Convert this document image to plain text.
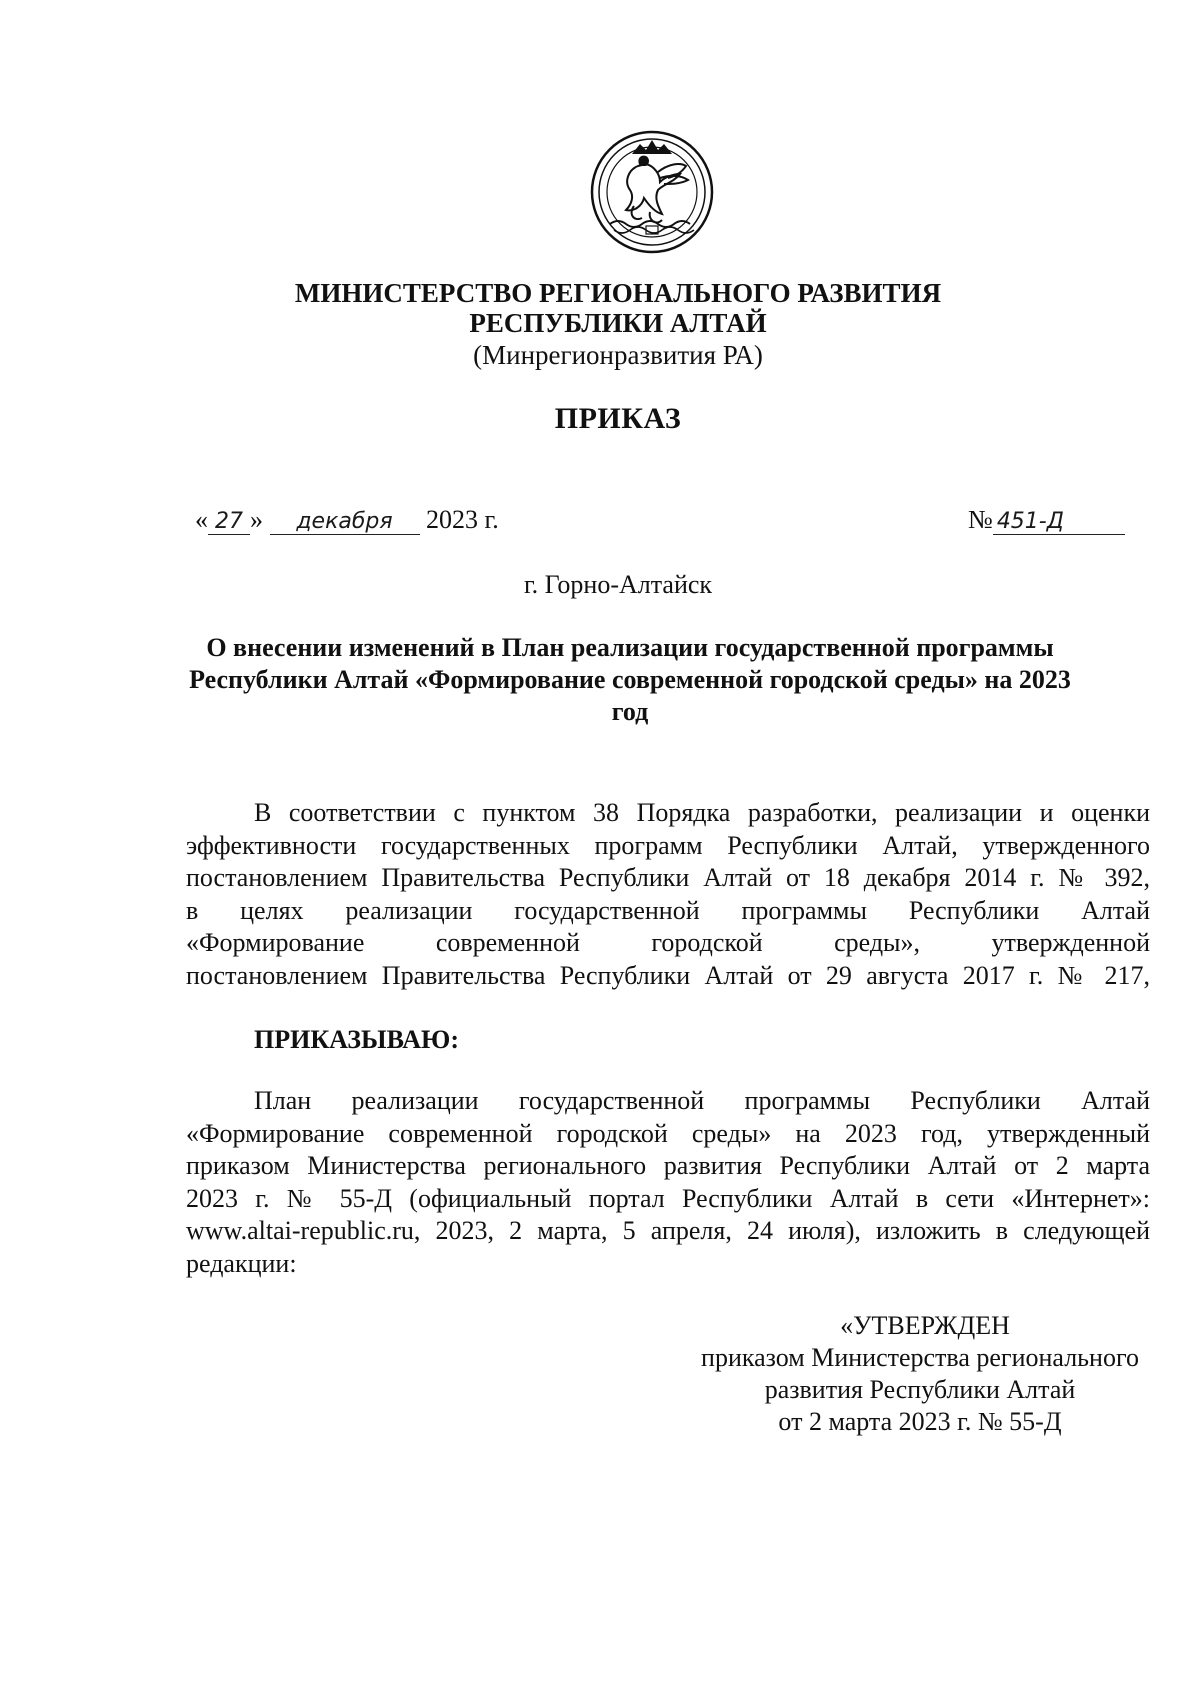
МИНИСТЕРСТВО РЕГИОНАЛЬНОГО РАЗВИТИЯ
РЕСПУБЛИКИ АЛТАЙ
(Минрегионразвития РА)
ПРИКАЗ
« 27 » декабря 2023 г.	№ 451-Д
г. Горно-Алтайск
О внесении изменений в План реализации государственной программы
Республики Алтай «Формирование современной городской среды» на 2023
год
В соответствии с пунктом 38 Порядка разработки, реализации и оценки
эффективности государственных программ Республики Алтай, утвержденного
постановлением Правительства Республики Алтай от 18 декабря 2014 г. № 392,
в целях реализации государственной программы Республики Алтай
«Формирование современной городской среды», утвержденной
постановлением Правительства Республики Алтай от 29 августа 2017 г. № 217,
ПРИКАЗЫВАЮ:
План реализации государственной программы Республики Алтай
«Формирование современной городской среды» на 2023 год, утвержденный
приказом Министерства регионального развития Республики Алтай от 2 марта
2023 г. № 55-Д (официальный портал Республики Алтай в сети «Интернет»:
www.altai-republic.ru, 2023, 2 марта, 5 апреля, 24 июля), изложить в следующей
редакции:
«УТВЕРЖДЕН
приказом Министерства регионального
развития Республики Алтай
от 2 марта 2023 г. № 55-Д
